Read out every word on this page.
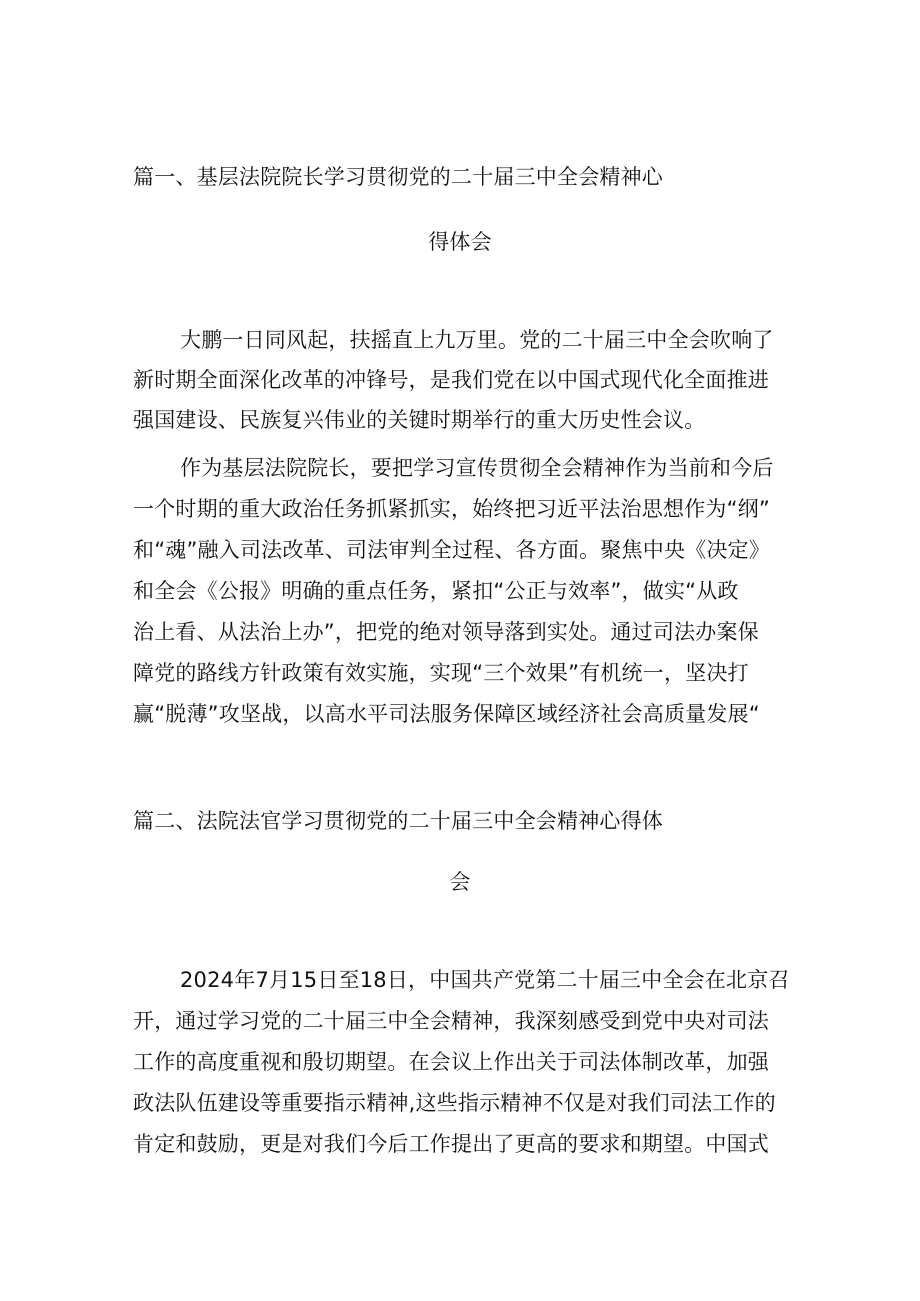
篇一、基层法院院长学习贯彻党的二十届三中全会精神心
得体会
大鹏一日同风起，扶摇直上九万里。党的二十届三中全会吹响了
新时期全面深化改革的冲锋号，是我们党在以中国式现代化全面推进
强国建设、民族复兴伟业的关键时期举行的重大历史性会议。
作为基层法院院长，要把学习宣传贯彻全会精神作为当前和今后
一个时期的重大政治任务抓紧抓实，始终把习近平法治思想作为“纲”
和“魂”融入司法改革、司法审判全过程、各方面。聚焦中央《决定》
和全会《公报》明确的重点任务，紧扣“公正与效率”，做实“从政
治上看、从法治上办”，把党的绝对领导落到实处。通过司法办案保
障党的路线方针政策有效实施，实现“三个效果”有机统一，坚决打
赢“脱薄”攻坚战，以高水平司法服务保障区域经济社会高质量发展“
篇二、法院法官学习贯彻党的二十届三中全会精神心得体
会
2024年7月15日至18日，中国共产党第二十届三中全会在北京召
开，通过学习党的二十届三中全会精神，我深刻感受到党中央对司法
工作的高度重视和殷切期望。在会议上作出关于司法体制改革，加强
政法队伍建设等重要指示精神,这些指示精神不仅是对我们司法工作的
肯定和鼓励，更是对我们今后工作提出了更高的要求和期望。中国式
